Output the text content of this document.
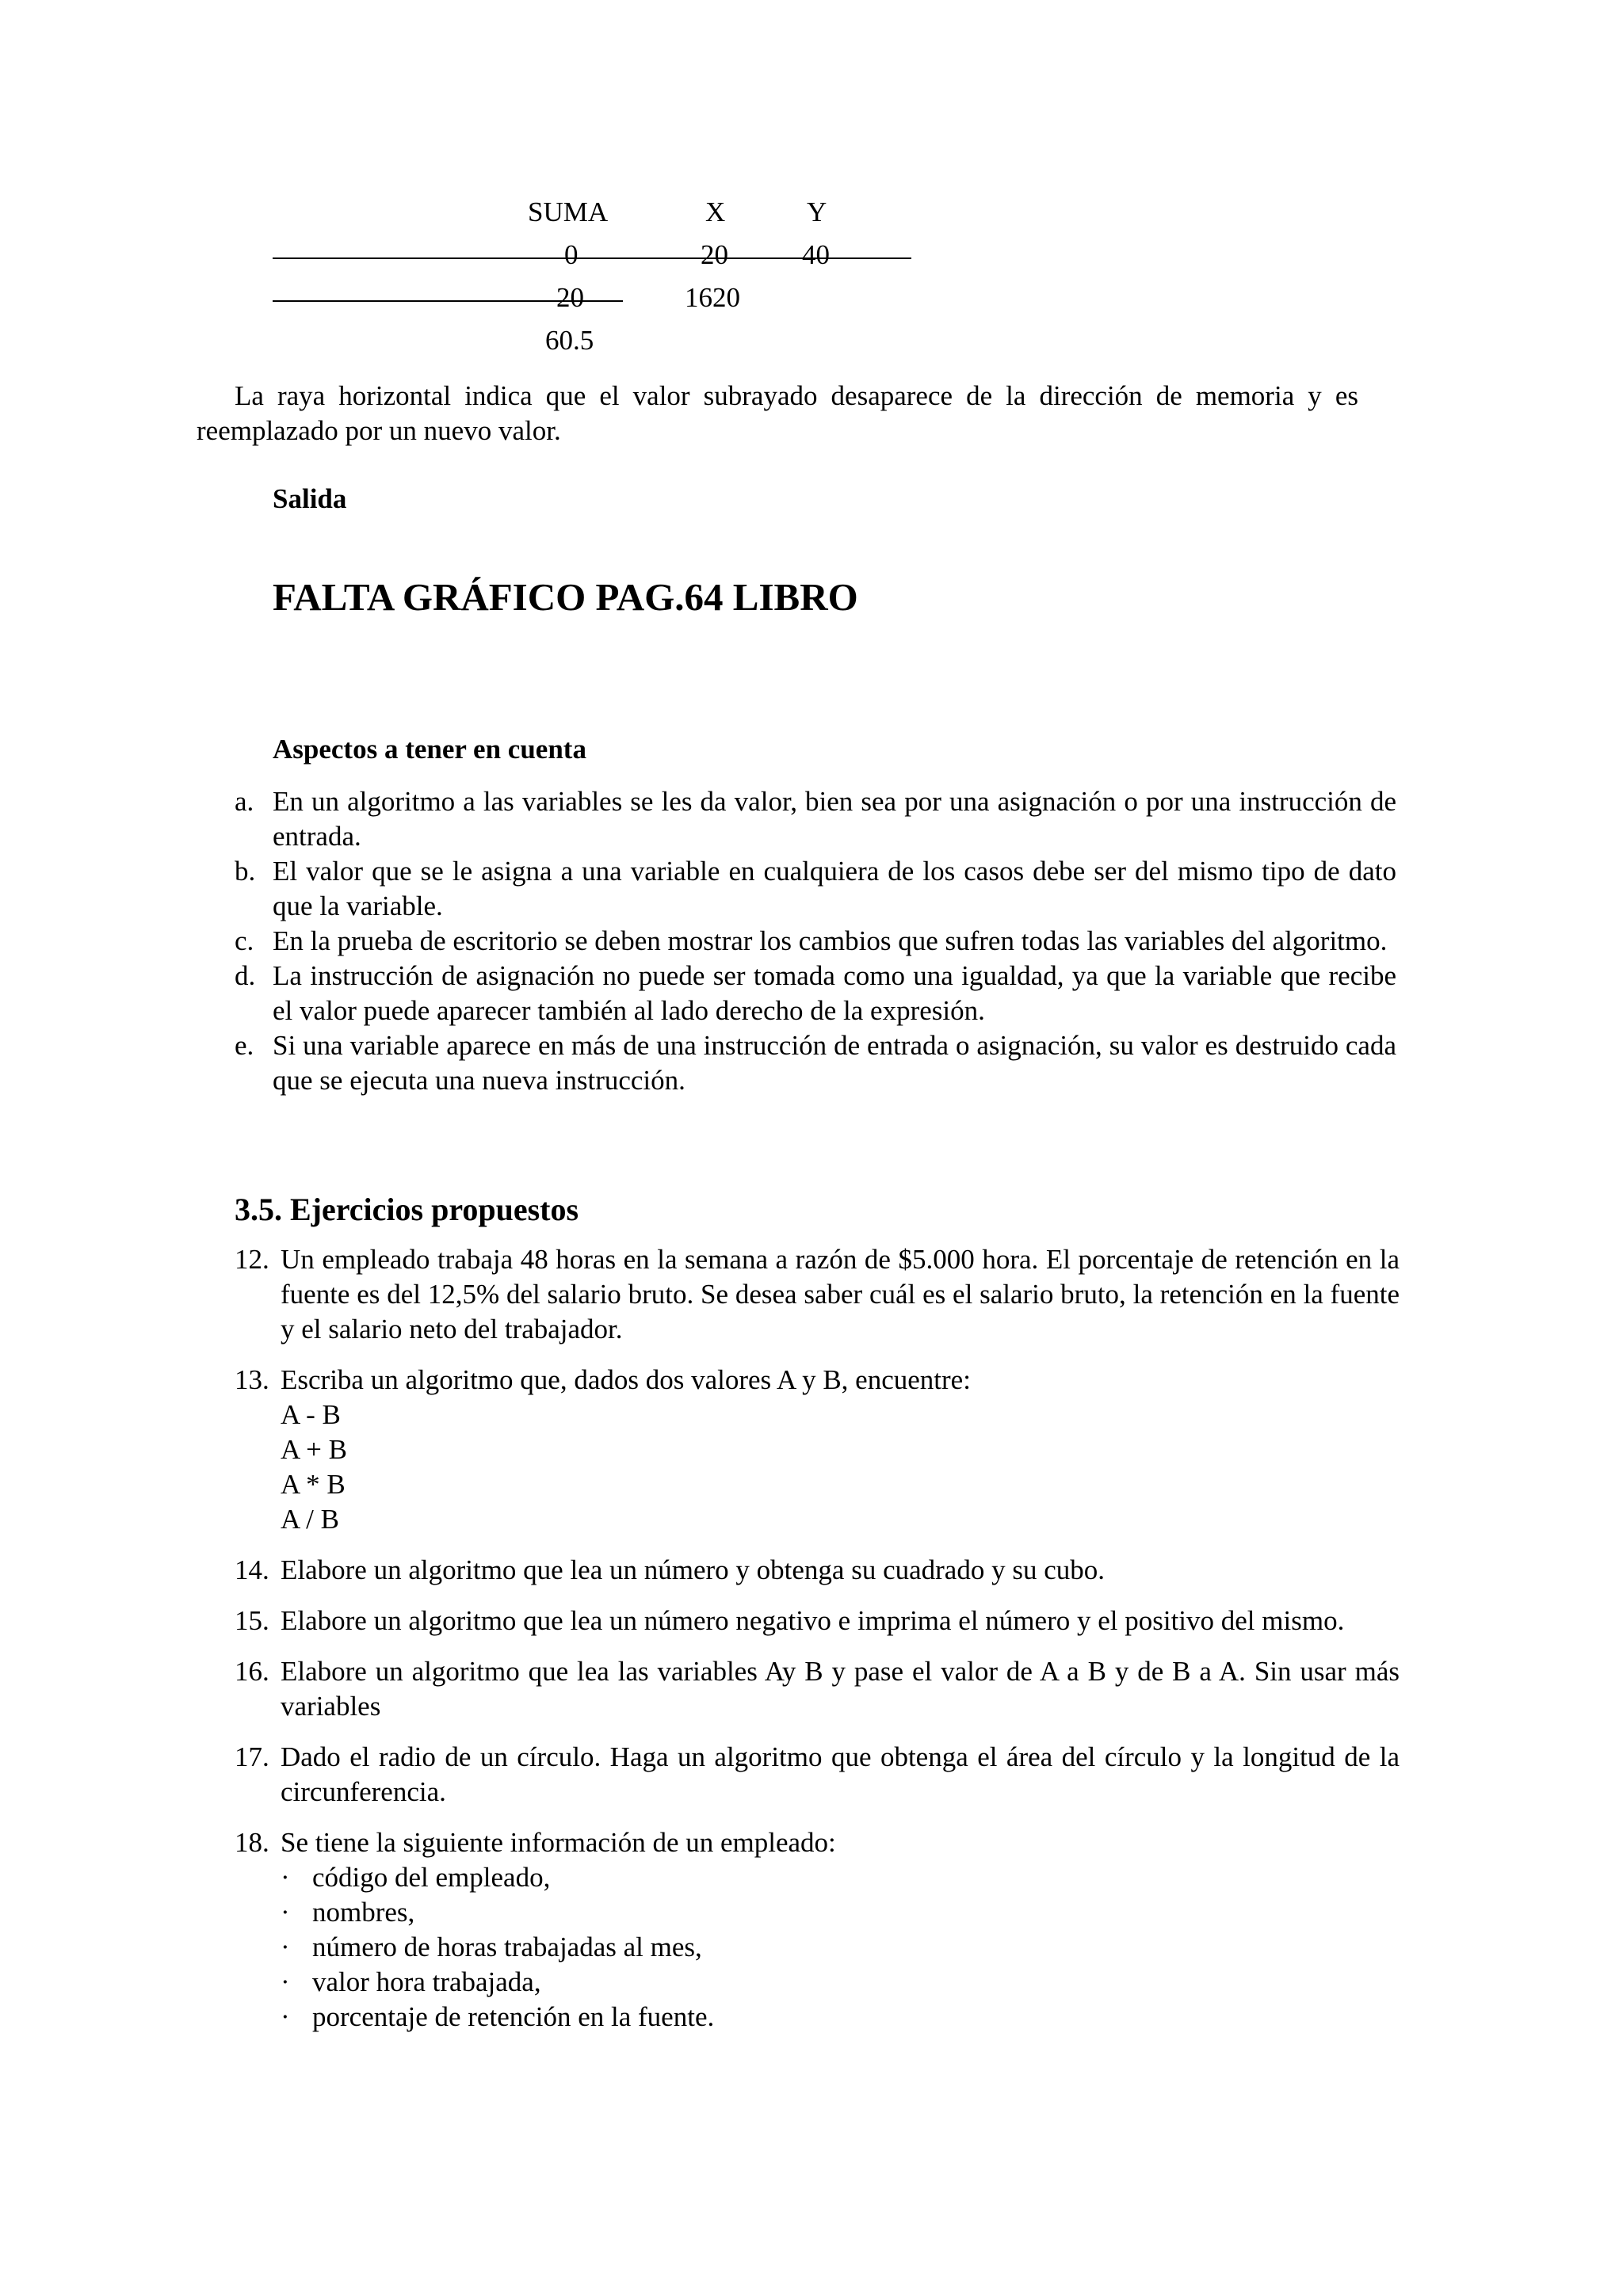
SUMA	X	Y
0	20	40
20	1620
60.5
La raya horizontal indica que el valor subrayado desaparece de la dirección de memoria y es reemplazado por un nuevo valor.
Salida
FALTA GRÁFICO PAG.64 LIBRO
Aspectos a tener en cuenta
a. En un algoritmo a las variables se les da valor, bien sea por una asignación o por una instrucción de entrada.
b. El valor que se le asigna a una variable en cualquiera de los casos debe ser del mismo tipo de dato que la variable.
c. En la prueba de escritorio se deben mostrar los cambios que sufren todas las variables del algoritmo.
d. La instrucción de asignación no puede ser tomada como una igualdad, ya que la variable que recibe el valor puede aparecer también al lado derecho de la expresión.
e. Si una variable aparece en más de una instrucción de entrada o asignación, su valor es destruido cada que se ejecuta una nueva instrucción.
3.5. Ejercicios propuestos
12. Un empleado trabaja 48 horas en la semana a razón de $5.000 hora. El porcentaje de retención en la fuente es del 12,5% del salario bruto. Se desea saber cuál es el salario bruto, la retención en la fuente y el salario neto del trabajador.
13. Escriba un algoritmo que, dados dos valores A y B, encuentre:
A - B
A + B
A * B
A / B
14. Elabore un algoritmo que lea un número y obtenga su cuadrado y su cubo.
15. Elabore un algoritmo que lea un número negativo e imprima el número y el positivo del mismo.
16. Elabore un algoritmo que lea las variables Ay B y pase el valor de A a B y de B a A. Sin usar más variables
17. Dado el radio de un círculo. Haga un algoritmo que obtenga el área del círculo y la longitud de la circunferencia.
18. Se tiene la siguiente información de un empleado:
· código del empleado,
· nombres,
· número de horas trabajadas al mes,
· valor hora trabajada,
· porcentaje de retención en la fuente.
